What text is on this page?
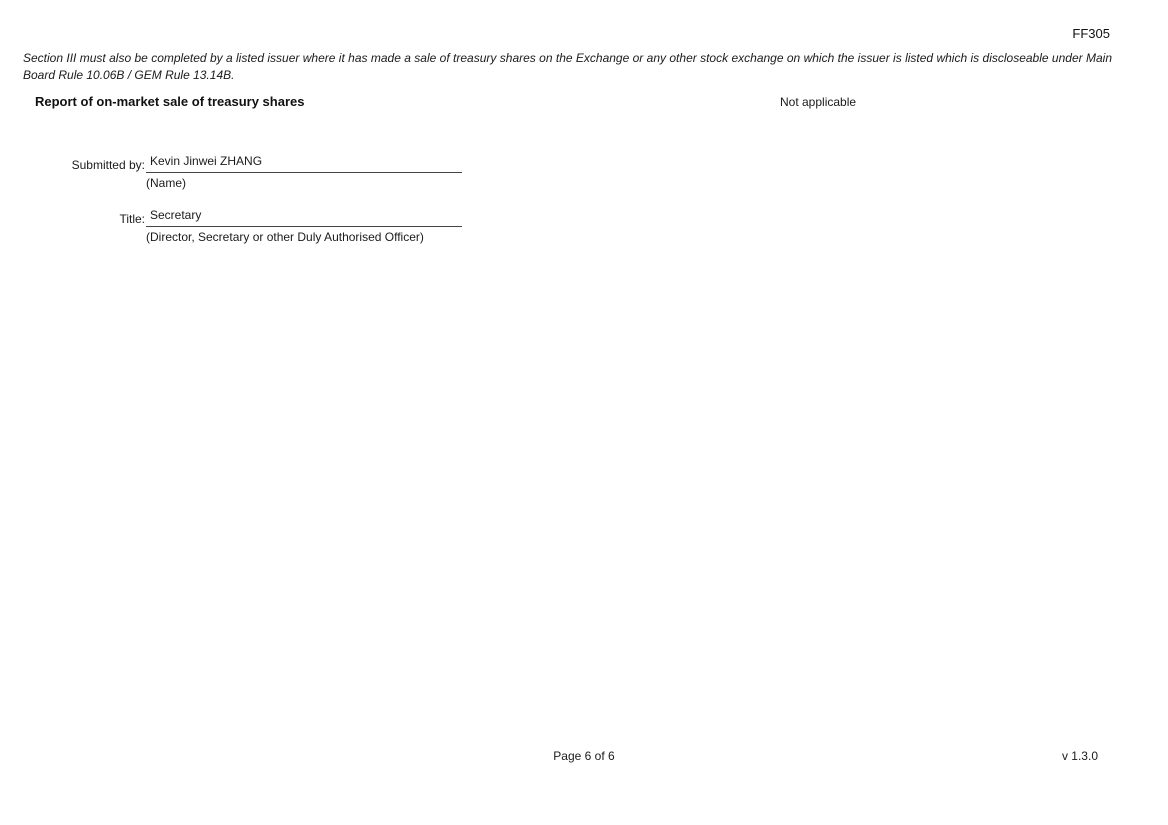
FF305

Section III must also be completed by a listed issuer where it has made a sale of treasury shares on the Exchange or any other stock exchange on which the issuer is listed which is discloseable under Main Board Rule 10.06B / GEM Rule 13.14B.

Report of on-market sale of treasury shares	Not applicable
Submitted by: Kevin Jinwei ZHANG
(Name)
Title: Secretary
(Director, Secretary or other Duly Authorised Officer)
Page 6 of 6	v 1.3.0
